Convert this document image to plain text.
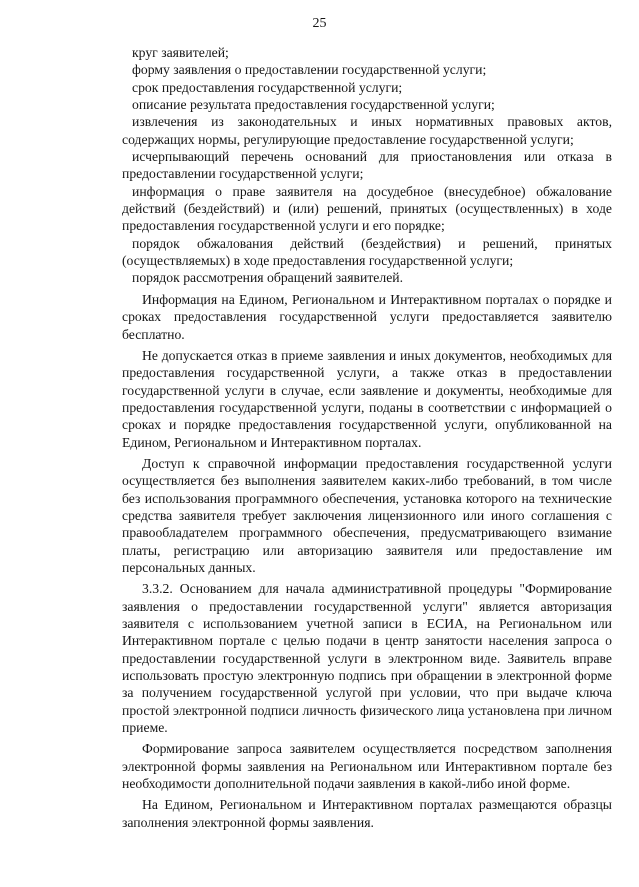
25

круг заявителей;

форму заявления о предоставлении государственной услуги;

срок предоставления государственной услуги;

описание результата предоставления государственной услуги;

извлечения из законодательных и иных нормативных правовых актов, содержащих нормы, регулирующие предоставление государственной услуги;

исчерпывающий перечень оснований для приостановления или отказа в предоставлении государственной услуги;

информация о праве заявителя на досудебное (внесудебное) обжалование действий (бездействий) и (или) решений, принятых (осуществленных) в ходе предоставления государственной услуги и его порядке;

порядок обжалования действий (бездействия) и решений, принятых (осуществляемых) в ходе предоставления государственной услуги;

порядок рассмотрения обращений заявителей.

Информация на Едином, Региональном и Интерактивном порталах о порядке и сроках предоставления государственной услуги предоставляется заявителю бесплатно.

Не допускается отказ в приеме заявления и иных документов, необходимых для предоставления государственной услуги, а также отказ в предоставлении государственной услуги в случае, если заявление и документы, необходимые для предоставления государственной услуги, поданы в соответствии с информацией о сроках и порядке предоставления государственной услуги, опубликованной на Едином, Региональном и Интерактивном порталах.

Доступ к справочной информации предоставления государственной услуги осуществляется без выполнения заявителем каких-либо требований, в том числе без использования программного обеспечения, установка которого на технические средства заявителя требует заключения лицензионного или иного соглашения с правообладателем программного обеспечения, предусматривающего взимание платы, регистрацию или авторизацию заявителя или предоставление им персональных данных.

3.3.2. Основанием для начала административной процедуры "Формирование заявления о предоставлении государственной услуги" является авторизация заявителя с использованием учетной записи в ЕСИА, на Региональном или Интерактивном портале с целью подачи в центр занятости населения запроса о предоставлении государственной услуги в электронном виде. Заявитель вправе использовать простую электронную подпись при обращении в электронной форме за получением государственной услугой при условии, что при выдаче ключа простой электронной подписи личность физического лица установлена при личном приеме.

Формирование запроса заявителем осуществляется посредством заполнения электронной формы заявления на Региональном или Интерактивном портале без необходимости дополнительной подачи заявления в какой-либо иной форме.

На Едином, Региональном и Интерактивном порталах размещаются образцы заполнения электронной формы заявления.
